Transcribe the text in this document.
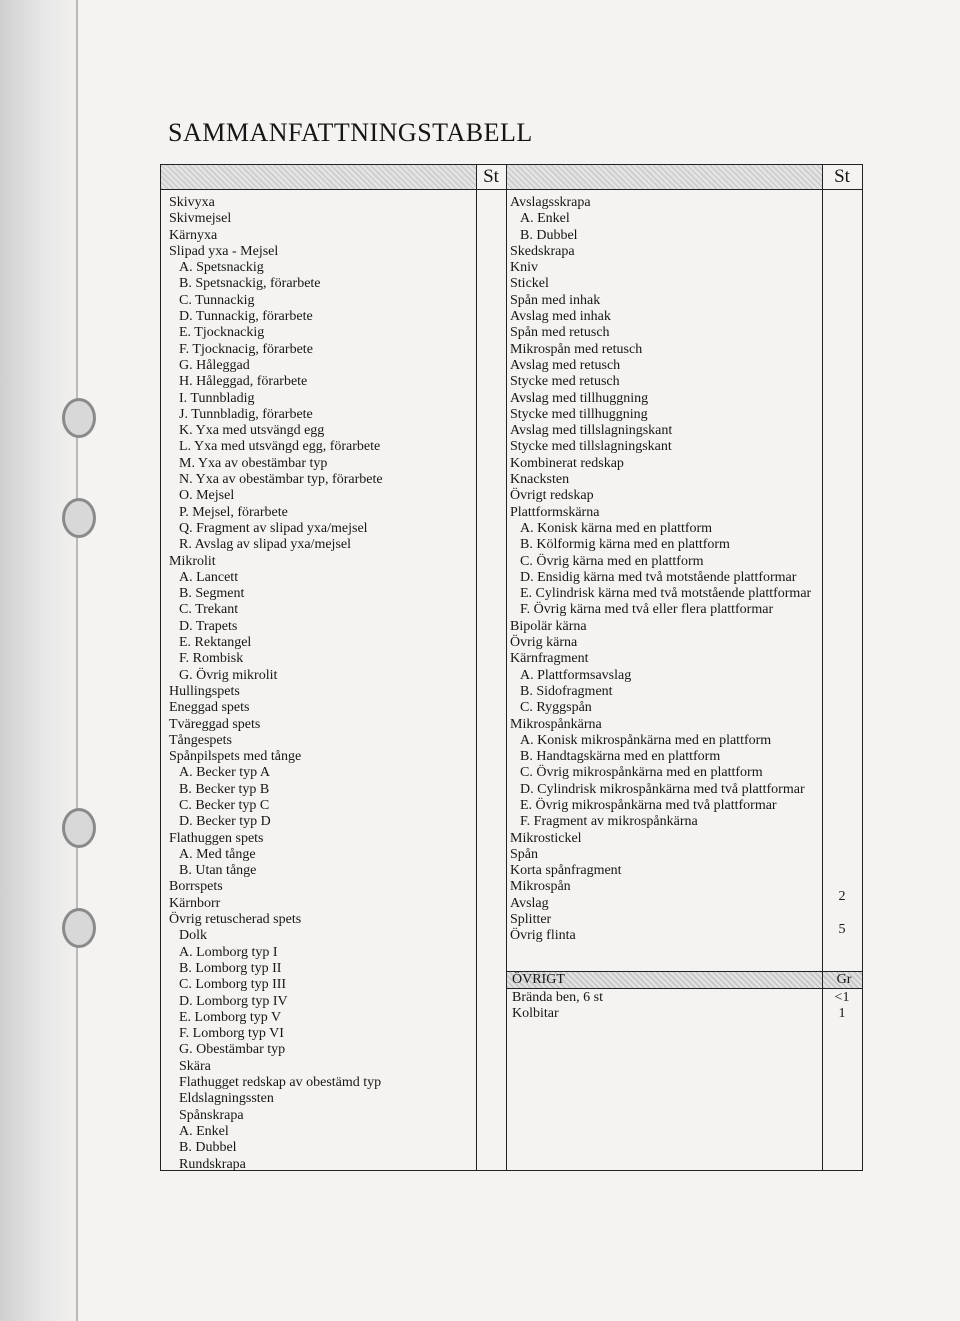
SAMMANFATTNINGSTABELL
St	St
Skivyxa
Skivmejsel
Kärnyxa
Slipad yxa - Mejsel
A. Spetsnackig
B. Spetsnackig, förarbete
C. Tunnackig
D. Tunnackig, förarbete
E. Tjocknackig
F. Tjocknacig, förarbete
G. Håleggad
H. Håleggad, förarbete
I. Tunnbladig
J. Tunnbladig, förarbete
K. Yxa med utsvängd egg
L. Yxa med utsvängd egg, förarbete
M. Yxa av obestämbar typ
N. Yxa av obestämbar typ, förarbete
O. Mejsel
P. Mejsel, förarbete
Q. Fragment av slipad yxa/mejsel
R. Avslag av slipad yxa/mejsel
Mikrolit
A. Lancett
B. Segment
C. Trekant
D. Trapets
E. Rektangel
F. Rombisk
G. Övrig mikrolit
Hullingspets
Eneggad spets
Tväreggad spets
Tångespets
Spånpilspets med tånge
A. Becker typ A
B. Becker typ B
C. Becker typ C
D. Becker typ D
Flathuggen spets
A. Med tånge
B. Utan tånge
Borrspets
Kärnborr
Övrig retuscherad spets
Dolk
A. Lomborg typ I
B. Lomborg typ II
C. Lomborg typ III
D. Lomborg typ IV
E. Lomborg typ V
F. Lomborg typ VI
G. Obestämbar typ
Skära
Flathugget redskap av obestämd typ
Eldslagningssten
Spånskrapa
A. Enkel
B. Dubbel
Rundskrapa
Avslagsskrapa
A. Enkel
B. Dubbel
Skedskrapa
Kniv
Stickel
Spån med inhak
Avslag med inhak
Spån med retusch
Mikrospån med retusch
Avslag med retusch
Stycke med retusch
Avslag med tillhuggning
Stycke med tillhuggning
Avslag med tillslagningskant
Stycke med tillslagningskant
Kombinerat redskap
Knacksten
Övrigt redskap
Plattformskärna
A. Konisk kärna med en plattform
B. Kölformig kärna med en plattform
C. Övrig kärna med en plattform
D. Ensidig kärna med två motstående plattformar
E. Cylindrisk kärna med två motstående plattformar
F. Övrig kärna med två eller flera plattformar
Bipolär kärna
Övrig kärna
Kärnfragment
A. Plattformsavslag
B. Sidofragment
C. Ryggspån
Mikrospånkärna
A. Konisk mikrospånkärna med en plattform
B. Handtagskärna med en plattform
C. Övrig mikrospånkärna med en plattform
D. Cylindrisk mikrospånkärna med två plattformar
E. Övrig mikrospånkärna med två plattformar
F. Fragment av mikrospånkärna
Mikrostickel
Spån
Korta spånfragment
Mikrospån
Avslag
Splitter
Övrig flinta
2
5
ÖVRIGT	Gr
Brända ben, 6 st
Kolbitar
<1
1
